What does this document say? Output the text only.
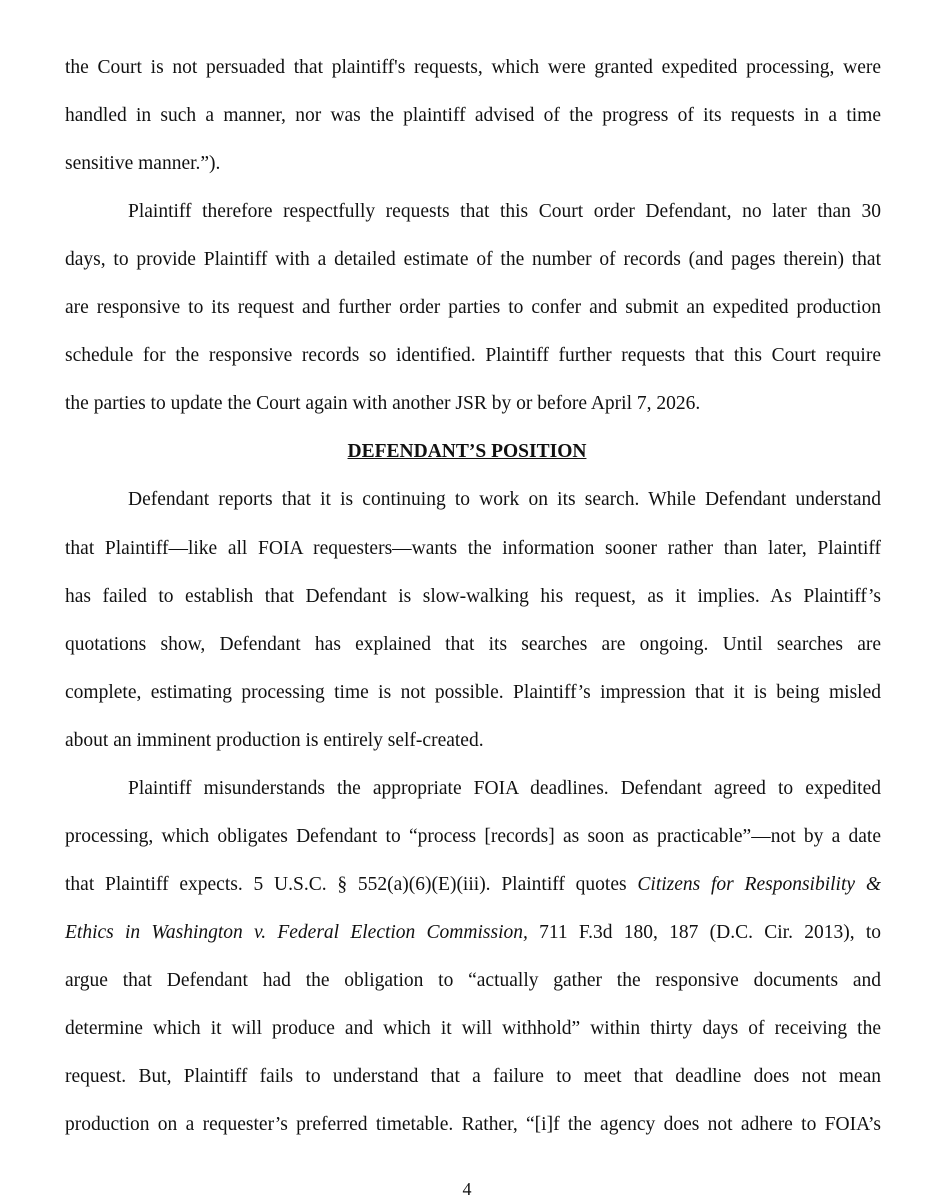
the Court is not persuaded that plaintiff's requests, which were granted expedited processing, were
handled in such a manner, nor was the plaintiff advised of the progress of its requests in a time
sensitive manner.”).
Plaintiff therefore respectfully requests that this Court order Defendant, no later than 30
days, to provide Plaintiff with a detailed estimate of the number of records (and pages therein) that
are responsive to its request and further order parties to confer and submit an expedited production
schedule for the responsive records so identified. Plaintiff further requests that this Court require
the parties to update the Court again with another JSR by or before April 7, 2026.
DEFENDANT’S POSITION
Defendant reports that it is continuing to work on its search. While Defendant understand
that Plaintiff—like all FOIA requesters—wants the information sooner rather than later, Plaintiff
has failed to establish that Defendant is slow-walking his request, as it implies. As Plaintiff’s
quotations show, Defendant has explained that its searches are ongoing. Until searches are
complete, estimating processing time is not possible. Plaintiff’s impression that it is being misled
about an imminent production is entirely self-created.
Plaintiff misunderstands the appropriate FOIA deadlines. Defendant agreed to expedited
processing, which obligates Defendant to “process [records] as soon as practicable”—not by a date
that Plaintiff expects. 5 U.S.C. § 552(a)(6)(E)(iii). Plaintiff quotes Citizens for Responsibility &
Ethics in Washington v. Federal Election Commission, 711 F.3d 180, 187 (D.C. Cir. 2013), to
argue that Defendant had the obligation to “actually gather the responsive documents and
determine which it will produce and which it will withhold” within thirty days of receiving the
request. But, Plaintiff fails to understand that a failure to meet that deadline does not mean
production on a requester’s preferred timetable. Rather, “[i]f the agency does not adhere to FOIA’s
4
